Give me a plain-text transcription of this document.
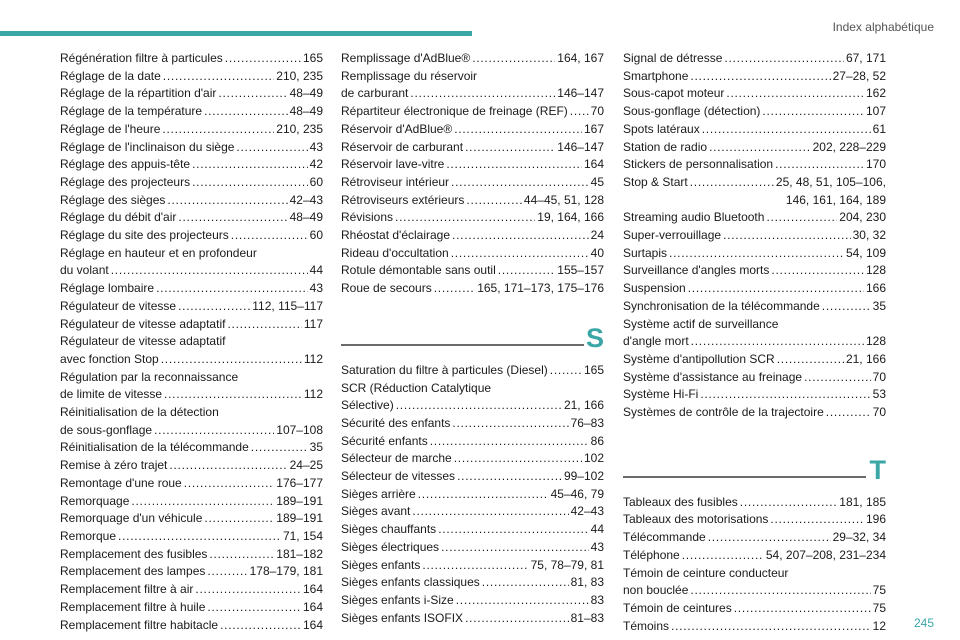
Index alphabétique
Régénération filtre à particules . . .	165
Réglage de la date . . .	210, 235
Réglage de la répartition d'air . . .	48–49
Réglage de la température . . .	48–49
Réglage de l'heure . . .	210, 235
Réglage de l'inclinaison du siège . . .	43
Réglage des appuis-tête . . .	42
Réglage des projecteurs . . .	60
Réglage des sièges . . .	42–43
Réglage du débit d'air . . .	48–49
Réglage du site des projecteurs . . .	60
Réglage en hauteur et en profondeur
du volant . . .	44
Réglage lombaire . . .	43
Régulateur de vitesse . . .	112, 115–117
Régulateur de vitesse adaptatif . . .	117
Régulateur de vitesse adaptatif
avec fonction Stop . . .	112
Régulation par la reconnaissance
de limite de vitesse . . .	112
Réinitialisation de la détection
de sous-gonflage . . .	107–108
Réinitialisation de la télécommande . . .	35
Remise à zéro trajet . . .	24–25
Remontage d'une roue . . .	176–177
Remorquage . . .	189–191
Remorquage d'un véhicule . . .	189–191
Remorque . . .	71, 154
Remplacement des fusibles . . .	181–182
Remplacement des lampes . . .	178–179, 181
Remplacement filtre à air . . .	164
Remplacement filtre à huile . . .	164
Remplacement filtre habitacle . . .	164
Remplissage d'AdBlue® . . .	164, 167
Remplissage du réservoir
de carburant . . .	146–147
Répartiteur électronique de freinage (REF) . . . 70
Réservoir d'AdBlue® . . .	167
Réservoir de carburant . . .	146–147
Réservoir lave-vitre . . .	164
Rétroviseur intérieur . . .	45
Rétroviseurs extérieurs . . .	44–45, 51, 128
Révisions . . .	19, 164, 166
Rhéostat d'éclairage . . .	24
Rideau d'occultation . . .	40
Rotule démontable sans outil . . .	155–157
Roue de secours . . .	165, 171–173, 175–176
S
Saturation du filtre à particules (Diesel) . . .	165
SCR (Réduction Catalytique
Sélective) . . .	21, 166
Sécurité des enfants . . .	76–83
Sécurité enfants . . .	86
Sélecteur de marche . . .	102
Sélecteur de vitesses . . .	99–102
Sièges arrière . . .	45–46, 79
Sièges avant . . .	42–43
Sièges chauffants . . .	44
Sièges électriques . . .	43
Sièges enfants . . .	75, 78–79, 81
Sièges enfants classiques . . .	81, 83
Sièges enfants i-Size . . .	83
Sièges enfants ISOFIX . . .	81–83
Signal de détresse . . .	67, 171
Smartphone . . .	27–28, 52
Sous-capot moteur . . .	162
Sous-gonflage (détection) . . .	107
Spots latéraux . . .	61
Station de radio . . .	202, 228–229
Stickers de personnalisation . . .	170
Stop & Start . . .	25, 48, 51, 105–106,
146, 161, 164, 189
Streaming audio Bluetooth . . .	204, 230
Super-verrouillage . . .	30, 32
Surtapis . . .	54, 109
Surveillance d'angles morts . . .	128
Suspension . . .	166
Synchronisation de la télécommande . . .	35
Système actif de surveillance
d'angle mort . . .	128
Système d'antipollution SCR . . .	21, 166
Système d'assistance au freinage . . .	70
Système Hi-Fi . . .	53
Systèmes de contrôle de la trajectoire . . .	70
T
Tableaux des fusibles . . .	181, 185
Tableaux des motorisations . . .	196
Télécommande . . .	29–32, 34
Téléphone . . .	54, 207–208, 231–234
Témoin de ceinture conducteur
non bouclée . . .	75
Témoin de ceintures . . .	75
Témoins . . .	12 245
